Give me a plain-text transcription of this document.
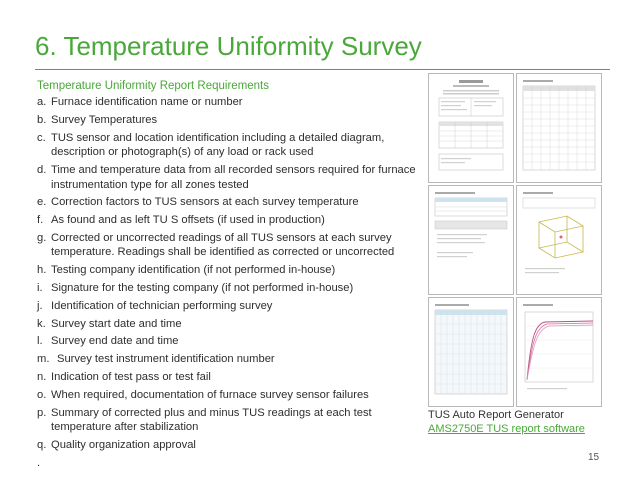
6. Temperature Uniformity Survey
Temperature Uniformity Report Requirements
a. Furnace identification name or number
b. Survey Temperatures
c. TUS sensor and location identification including a detailed diagram, description or photograph(s) of any load or rack used
d. Time and temperature data from all recorded sensors required for furnace instrumentation type for all zones tested
e. Correction factors to TUS sensors at each survey temperature
f. As found and as left TU S offsets (if used in production)
g. Corrected or uncorrected readings of all TUS sensors at each survey temperature. Readings shall be identified as corrected or uncorrected
h. Testing company identification (if not performed in-house)
i. Signature for the testing company (if not performed in-house)
j. Identification of technician performing survey
k. Survey start date and time
l. Survey end date and time
m. Survey test instrument identification number
n. Indication of test pass or test fail
o. When required, documentation of furnace survey sensor failures
p. Summary of corrected plus and minus TUS readings at each test temperature after stabilization
q. Quality organization approval
.
TUS Auto Report Generator
AMS2750E TUS report software
15
